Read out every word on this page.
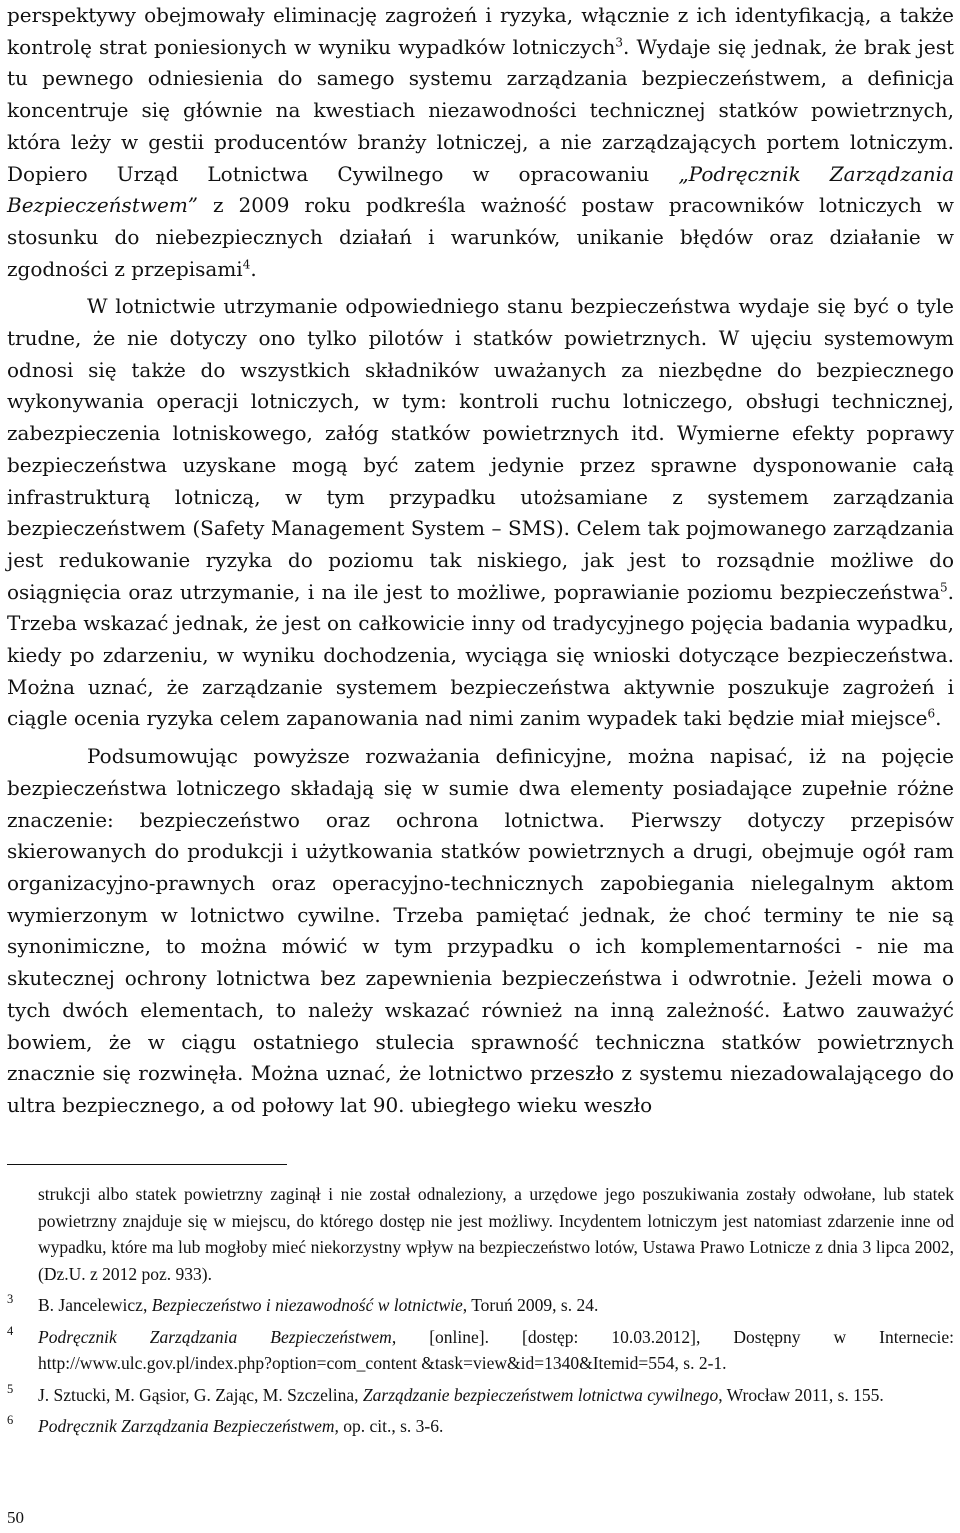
perspektywy obejmowały eliminację zagrożeń i ryzyka, włącznie z ich identyfikacją, a także kontrolę strat poniesionych w wyniku wypadków lotniczych$^3$. Wydaje się jednak, że brak jest tu pewnego odniesienia do samego systemu zarządzania bezpieczeństwem, a definicja koncentruje się głównie na kwestiach niezawodności technicznej statków powietrznych, która leży w gestii producentów branży lotniczej, a nie zarządzających portem lotniczym. Dopiero Urząd Lotnictwa Cywilnego w opracowaniu „Podręcznik Zarządzania Bezpieczeństwem” z 2009 roku podkreśla ważność postaw pracowników lotniczych w stosunku do niebezpiecznych działań i warunków, unikanie błędów oraz działanie w zgodności z przepisami$^4$.

W lotnictwie utrzymanie odpowiedniego stanu bezpieczeństwa wydaje się być o tyle trudne, że nie dotyczy ono tylko pilotów i statków powietrznych. W ujęciu systemowym odnosi się także do wszystkich składników uważanych za niezbędne do bezpiecznego wykonywania operacji lotniczych, w tym: kontroli ruchu lotniczego, obsługi technicznej, zabezpieczenia lotniskowego, załóg statków powietrznych itd. Wymierne efekty poprawy bezpieczeństwa uzyskane mogą być zatem jedynie przez sprawne dysponowanie całą infrastrukturą lotniczą, w tym przypadku utożsamiane z systemem zarządzania bezpieczeństwem (Safety Management System – SMS). Celem tak pojmowanego zarządzania jest redukowanie ryzyka do poziomu tak niskiego, jak jest to rozsądnie możliwe do osiągnięcia oraz utrzymanie, i na ile jest to możliwe, poprawianie poziomu bezpieczeństwa$^5$. Trzeba wskazać jednak, że jest on całkowicie inny od tradycyjnego pojęcia badania wypadku, kiedy po zdarzeniu, w wyniku dochodzenia, wyciąga się wnioski dotyczące bezpieczeństwa. Można uznać, że zarządzanie systemem bezpieczeństwa aktywnie poszukuje zagrożeń i ciągle ocenia ryzyka celem zapanowania nad nimi zanim wypadek taki będzie miał miejsce$^6$.

Podsumowując powyższe rozważania definicyjne, można napisać, iż na pojęcie bezpieczeństwa lotniczego składają się w sumie dwa elementy posiadające zupełnie różne znaczenie: bezpieczeństwo oraz ochrona lotnictwa. Pierwszy dotyczy przepisów skierowanych do produkcji i użytkowania statków powietrznych a drugi, obejmuje ogół ram organizacyjno-prawnych oraz operacyjno-technicznych zapobiegania nielegalnym aktom wymierzonym w lotnictwo cywilne. Trzeba pamiętać jednak, że choć terminy te nie są synonimiczne, to można mówić w tym przypadku o ich komplementarności - nie ma skutecznej ochrony lotnictwa bez zapewnienia bezpieczeństwa i odwrotnie. Jeżeli mowa o tych dwóch elementach, to należy wskazać również na inną zależność. Łatwo zauważyć bowiem, że w ciągu ostatniego stulecia sprawność techniczna statków powietrznych znacznie się rozwinęła. Można uznać, że lotnictwo przeszło z systemu niezadowalającego do ultra bezpiecznego, a od połowy lat 90. ubiegłego wieku weszło

strukcji albo statek powietrzny zaginął i nie został odnaleziony, a urzędowe jego poszukiwania zostały odwołane, lub statek powietrzny znajduje się w miejscu, do którego dostęp nie jest możliwy. Incydentem lotniczym jest natomiast zdarzenie inne od wypadku, które ma lub mogłoby mieć niekorzystny wpływ na bezpieczeństwo lotów, Ustawa Prawo Lotnicze z dnia 3 lipca 2002, (Dz.U. z 2012 poz. 933).

3 B. Jancelewicz, Bezpieczeństwo i niezawodność w lotnictwie, Toruń 2009, s. 24.

4 Podręcznik Zarządzania Bezpieczeństwem, [online]. [dostęp: 10.03.2012], Dostępny w Internecie: http://www.ulc.gov.pl/index.php?option=com_content &task=view&id=1340&Itemid=554, s. 2-1.

5 J. Sztucki, M. Gąsior, G. Zając, M. Szczelina, Zarządzanie bezpieczeństwem lotnictwa cywilnego, Wrocław 2011, s. 155.

6 Podręcznik Zarządzania Bezpieczeństwem, op. cit., s. 3-6.

50
